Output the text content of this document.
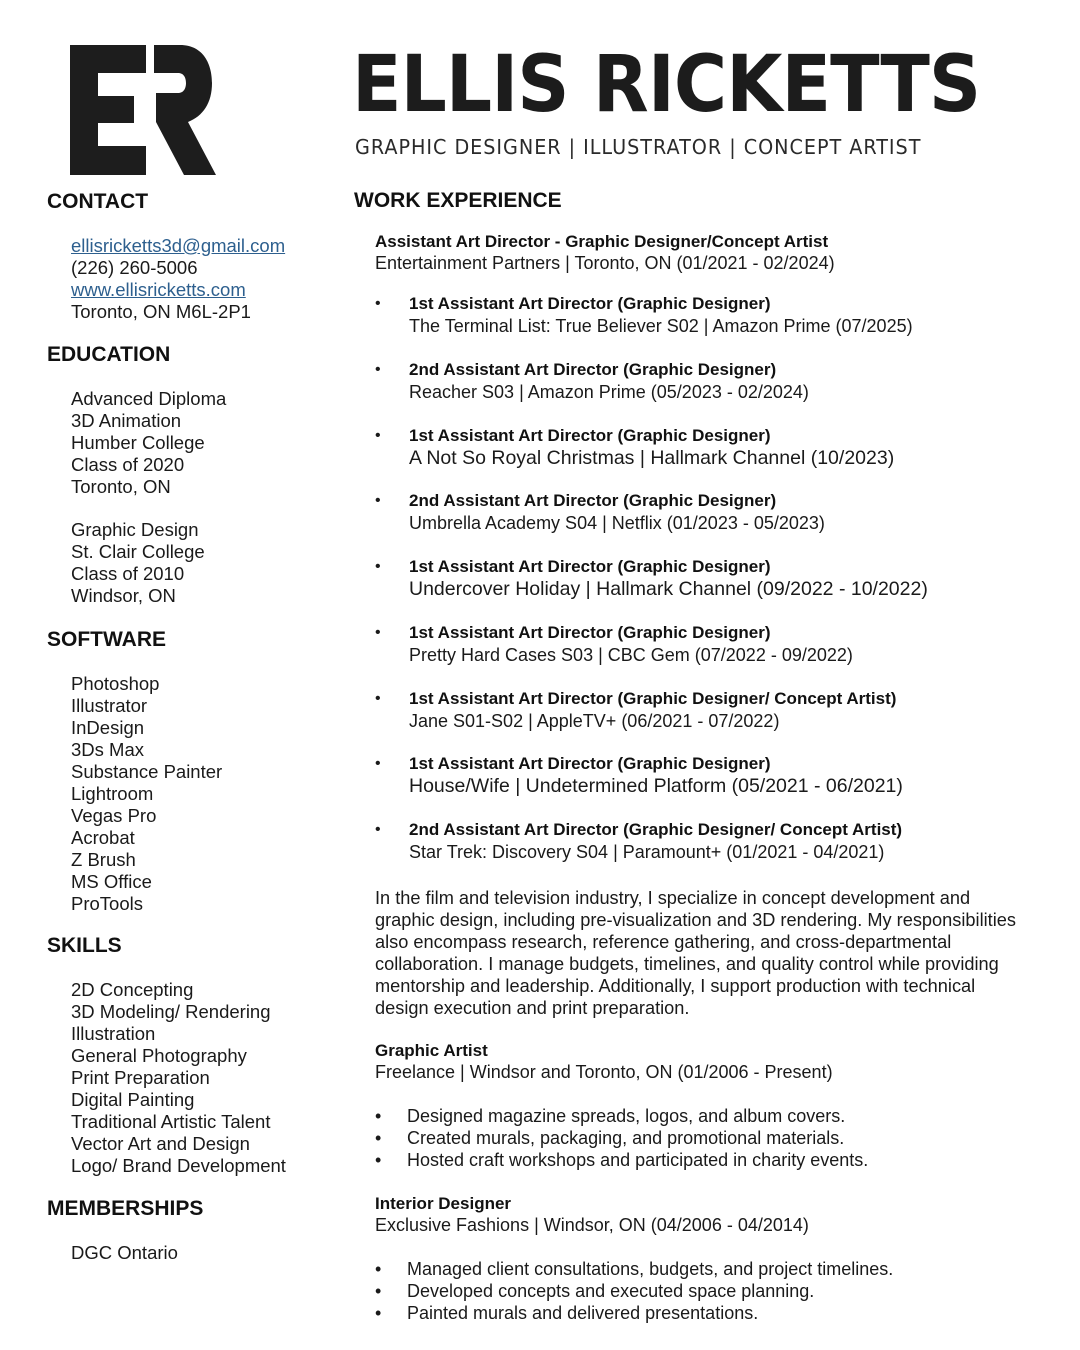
ELLIS RICKETTS
GRAPHIC DESIGNER | ILLUSTRATOR | CONCEPT ARTIST
CONTACT
ellisricketts3d@gmail.com
(226) 260-5006
www.ellisricketts.com
Toronto, ON M6L-2P1
EDUCATION
Advanced Diploma
3D Animation
Humber College
Class of 2020
Toronto, ON
Graphic Design
St. Clair College
Class of 2010
Windsor, ON
SOFTWARE
Photoshop
Illustrator
InDesign
3Ds Max
Substance Painter
Lightroom
Vegas Pro
Acrobat
Z Brush
MS Office
ProTools
SKILLS
2D Concepting
3D Modeling/ Rendering
Illustration
General Photography
Print Preparation
Digital Painting
Traditional Artistic Talent
Vector Art and Design
Logo/ Brand Development
MEMBERSHIPS
DGC Ontario
WORK EXPERIENCE
Assistant Art Director - Graphic Designer/Concept Artist
Entertainment Partners | Toronto, ON (01/2021 - 02/2024)
• 1st Assistant Art Director (Graphic Designer)
The Terminal List: True Believer S02 | Amazon Prime (07/2025)
• 2nd Assistant Art Director (Graphic Designer)
Reacher S03 | Amazon Prime (05/2023 - 02/2024)
• 1st Assistant Art Director (Graphic Designer)
A Not So Royal Christmas | Hallmark Channel (10/2023)
• 2nd Assistant Art Director (Graphic Designer)
Umbrella Academy S04 | Netflix (01/2023 - 05/2023)
• 1st Assistant Art Director (Graphic Designer)
Undercover Holiday | Hallmark Channel (09/2022 - 10/2022)
• 1st Assistant Art Director (Graphic Designer)
Pretty Hard Cases S03 | CBC Gem (07/2022 - 09/2022)
• 1st Assistant Art Director (Graphic Designer/ Concept Artist)
Jane S01-S02 | AppleTV+ (06/2021 - 07/2022)
• 1st Assistant Art Director (Graphic Designer)
House/Wife | Undetermined Platform (05/2021 - 06/2021)
• 2nd Assistant Art Director (Graphic Designer/ Concept Artist)
Star Trek: Discovery S04 | Paramount+ (01/2021 - 04/2021)

In the film and television industry, I specialize in concept development and graphic design, including pre-visualization and 3D rendering. My responsibilities also encompass research, reference gathering, and cross-departmental collaboration. I manage budgets, timelines, and quality control while providing mentorship and leadership. Additionally, I support production with technical design execution and print preparation.

Graphic Artist
Freelance | Windsor and Toronto, ON (01/2006 - Present)
• Designed magazine spreads, logos, and album covers.
• Created murals, packaging, and promotional materials.
• Hosted craft workshops and participated in charity events.
Interior Designer
Exclusive Fashions | Windsor, ON (04/2006 - 04/2014)
• Managed client consultations, budgets, and project timelines.
• Developed concepts and executed space planning.
• Painted murals and delivered presentations.
